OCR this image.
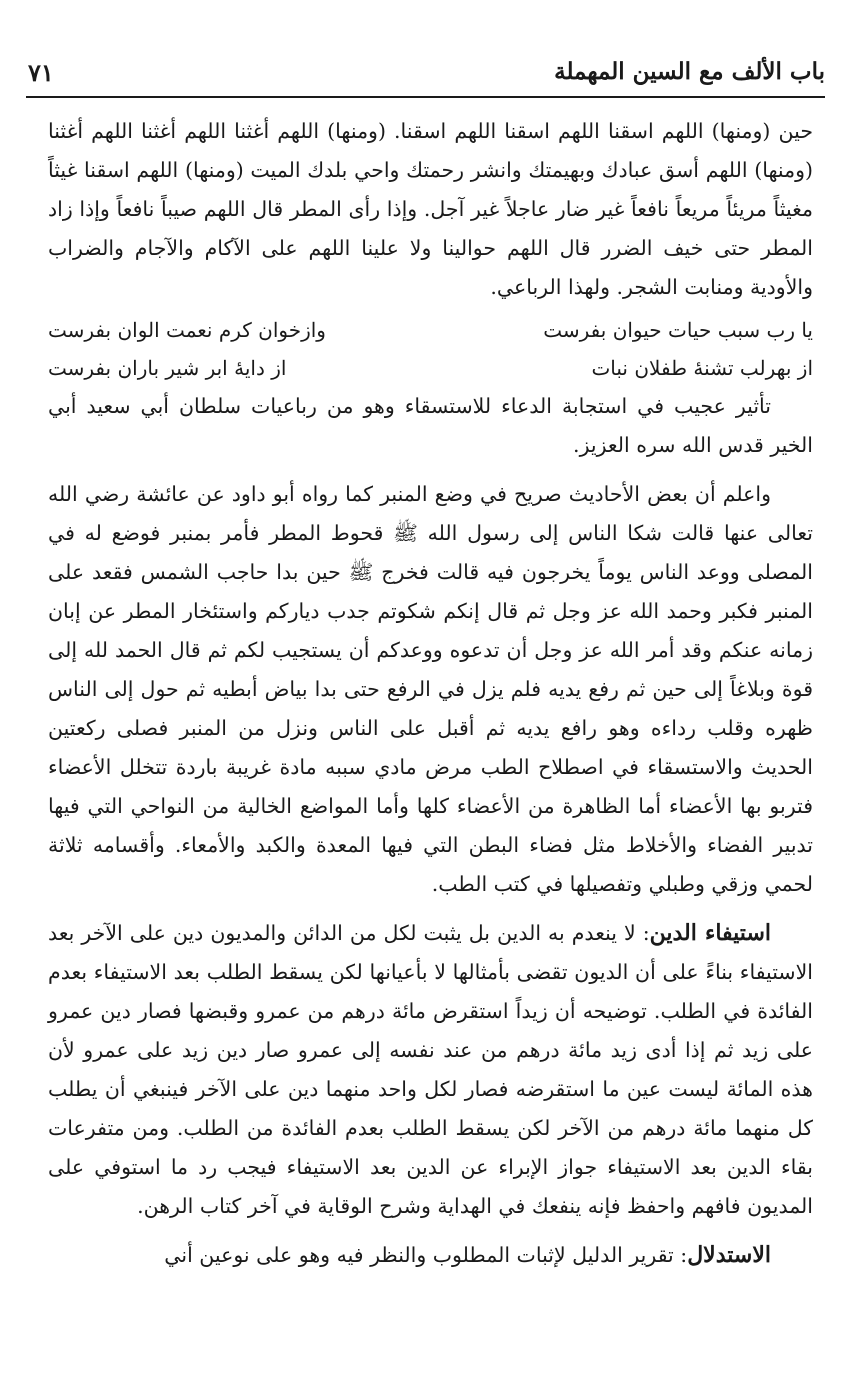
باب الألف مع السين المهملة
٧١

حين (ومنها) اللهم اسقنا اللهم اسقنا اللهم اسقنا. (ومنها) اللهم أغثنا اللهم أغثنا اللهم أغثنا (ومنها) اللهم أسق عبادك وبهيمتك وانشر رحمتك واحي بلدك الميت (ومنها) اللهم اسقنا غيثاً مغيثاً مريئاً مريعاً نافعاً غير ضار عاجلاً غير آجل. وإذا رأى المطر قال اللهم صيباً نافعاً وإذا زاد المطر حتى خيف الضرر قال اللهم حوالينا ولا علينا اللهم على الآكام والآجام والضراب والأودية ومنابت الشجر. ولهذا الرباعي.

يا رب سبب حيات حيوان بفرست
وازخوان كرم نعمت الوان بفرست
از بهرلب تشنهٔ طفلان نبات
از دايهٔ ابر شير باران بفرست

تأثير عجيب في استجابة الدعاء للاستسقاء وهو من رباعيات سلطان أبي سعيد أبي الخير قدس الله سره العزيز.

واعلم أن بعض الأحاديث صريح في وضع المنبر كما رواه أبو داود عن عائشة رضي الله تعالى عنها قالت شكا الناس إلى رسول الله ﷺ قحوط المطر فأمر بمنبر فوضع له في المصلى ووعد الناس يوماً يخرجون فيه قالت فخرج ﷺ حين بدا حاجب الشمس فقعد على المنبر فكبر وحمد الله عز وجل ثم قال إنكم شكوتم جدب دياركم واستئخار المطر عن إبان زمانه عنكم وقد أمر الله عز وجل أن تدعوه ووعدكم أن يستجيب لكم ثم قال الحمد لله إلى قوة وبلاغاً إلى حين ثم رفع يديه فلم يزل في الرفع حتى بدا بياض أبطيه ثم حول إلى الناس ظهره وقلب رداءه وهو رافع يديه ثم أقبل على الناس ونزل من المنبر فصلى ركعتين الحديث والاستسقاء في اصطلاح الطب مرض مادي سببه مادة غريبة باردة تتخلل الأعضاء فتربو بها الأعضاء أما الظاهرة من الأعضاء كلها وأما المواضع الخالية من النواحي التي فيها تدبير الفضاء والأخلاط مثل فضاء البطن التي فيها المعدة والكبد والأمعاء. وأقسامه ثلاثة لحمي وزقي وطبلي وتفصيلها في كتب الطب.

استيفاء الدين: لا ينعدم به الدين بل يثبت لكل من الدائن والمديون دين على الآخر بعد الاستيفاء بناءً على أن الديون تقضى بأمثالها لا بأعيانها لكن يسقط الطلب بعد الاستيفاء بعدم الفائدة في الطلب. توضيحه أن زيداً استقرض مائة درهم من عمرو وقبضها فصار دين عمرو على زيد ثم إذا أدى زيد مائة درهم من عند نفسه إلى عمرو صار دين زيد على عمرو لأن هذه المائة ليست عين ما استقرضه فصار لكل واحد منهما دين على الآخر فينبغي أن يطلب كل منهما مائة درهم من الآخر لكن يسقط الطلب بعدم الفائدة من الطلب. ومن متفرعات بقاء الدين بعد الاستيفاء جواز الإبراء عن الدين بعد الاستيفاء فيجب رد ما استوفي على المديون فافهم واحفظ فإنه ينفعك في الهداية وشرح الوقاية في آخر كتاب الرهن.

الاستدلال: تقرير الدليل لإثبات المطلوب والنظر فيه وهو على نوعين أني
